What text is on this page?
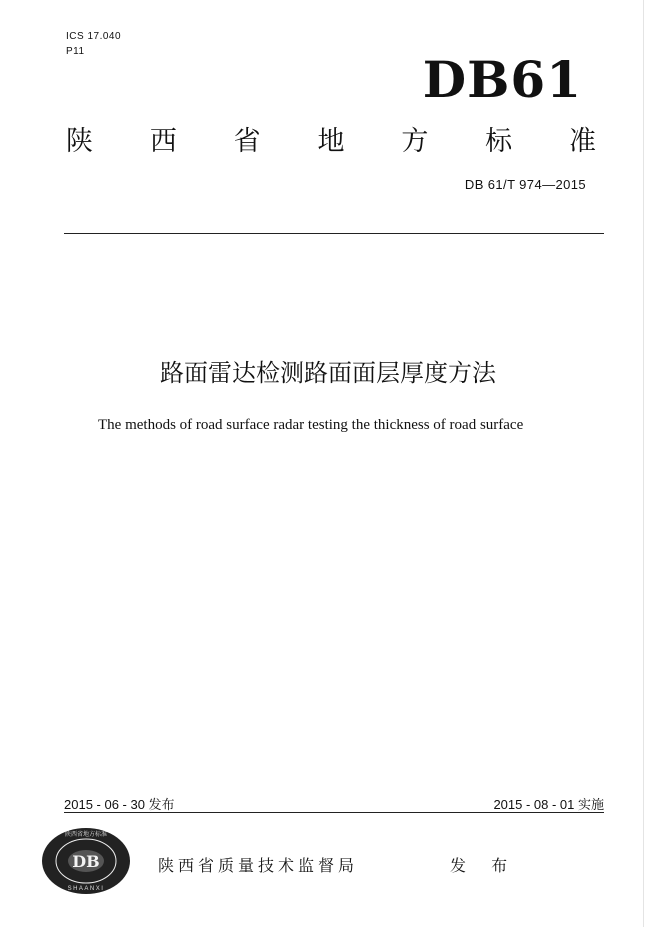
ICS 17.040
P11	DB61
陕 西 省 地 方 标 准
DB 61/T 974—2015
路面雷达检测路面面层厚度方法
The methods of road surface radar testing the thickness of road surface
2015 - 06 - 30 发布	2015 - 08 - 01 实施
DB
陕西省地方标准
SHAANXI
陕西省质量技术监督局	发 布
